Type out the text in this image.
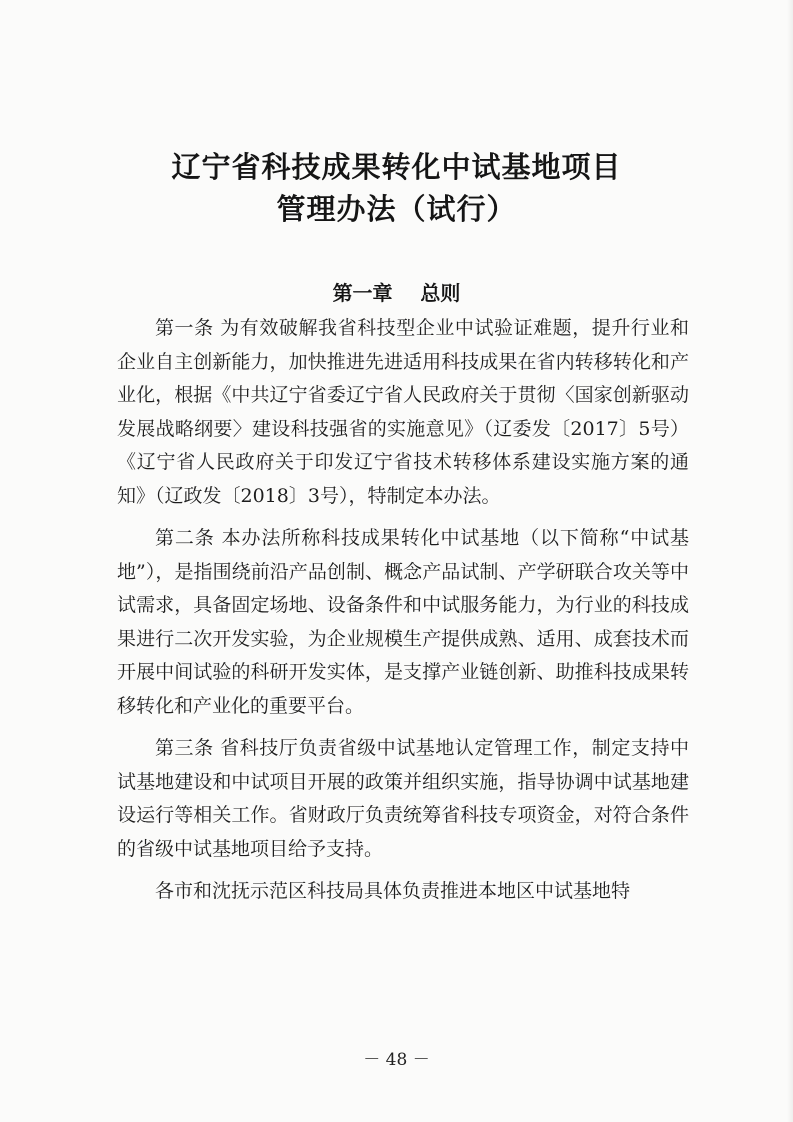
辽宁省科技成果转化中试基地项目
管理办法（试行）
第一章    总则

第一条 为有效破解我省科技型企业中试验证难题，提升行业和企业自主创新能力，加快推进先进适用科技成果在省内转移转化和产业化，根据《中共辽宁省委辽宁省人民政府关于贯彻〈国家创新驱动发展战略纲要〉建设科技强省的实施意见》（辽委发〔2017〕5号）《辽宁省人民政府关于印发辽宁省技术转移体系建设实施方案的通知》（辽政发〔2018〕3号），特制定本办法。

第二条 本办法所称科技成果转化中试基地（以下简称“中试基地”），是指围绕前沿产品创制、概念产品试制、产学研联合攻关等中试需求，具备固定场地、设备条件和中试服务能力，为行业的科技成果进行二次开发实验，为企业规模生产提供成熟、适用、成套技术而开展中间试验的科研开发实体，是支撑产业链创新、助推科技成果转移转化和产业化的重要平台。

第三条 省科技厅负责省级中试基地认定管理工作，制定支持中试基地建设和中试项目开展的政策并组织实施，指导协调中试基地建设运行等相关工作。省财政厅负责统筹省科技专项资金，对符合条件的省级中试基地项目给予支持。

各市和沈抚示范区科技局具体负责推进本地区中试基地特

－ 48 －
